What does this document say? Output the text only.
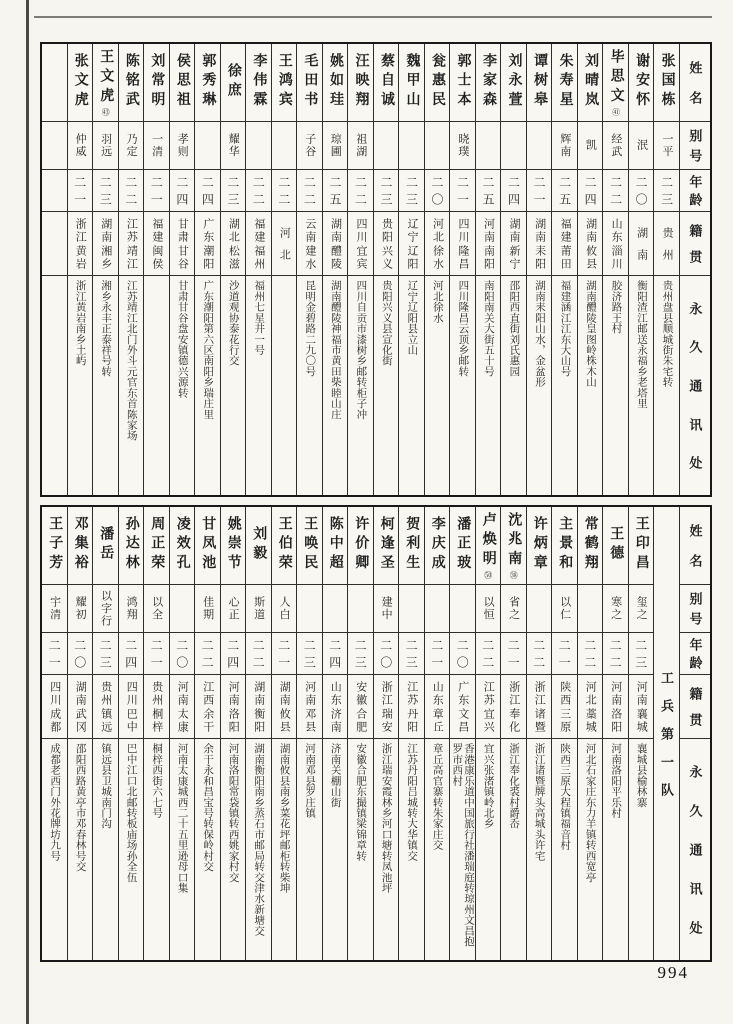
张文虎
仲威
二
一
浙
江
黄
岩
浙江黄岩南乡土屿
王文虎
㊸
羽远
二
三
湖
南
湘
乡
湘乡永丰正泰祥号转
陈铭武
乃定
二
二
江
苏
靖
江
江苏靖江北门外斗元官东首陈家场
刘常明
一清
二
一
福
建
闽
侯
侯思祖
孝则
二
四
甘
肃
甘
谷
甘肃甘谷盘安镇德兴源转
郭秀琳
二
四
广
东
潮
阳
广东潮阳第六区南阳乡瑞庄里
徐庶
耀华
二
三
湖
北
松
滋
沙道观协泰花行交
李伟霖
二
二
福
建
福
州
福州七星井一号
王鸿宾
二
二
河
北
毛田书
子谷
二
二
云
南
建
水
昆明金碧路二九〇号
姚如珪
琼圃
二
五
湖
南
醴
陵
湖南醴陵神福市黄田柴睦山庄
汪映翔
祖湖
二
二
四
川
宜
宾
四川自贡市漆树乡邮转柜子冲
蔡自诚
二
三
贵
阳
兴
义
贵阳兴义县宣化街
魏甲山
二
三
辽
宁
辽
阳
辽宁辽阳县立山
瓮惠民
二
〇
河
北
徐
水
河北徐水
郭士本
晓璞
二
一
四
川
隆
昌
四川隆昌云顶乡邮转
李家森
二
五
河
南
南
阳
南阳南关大街五十号
刘永萱
二
四
湖
南
新
宁
邵阳西直街刘氏惠园
谭树皋
二
一
湖
南
耒
阳
湖南耒阳山水，金盆形
朱寿星
辉南
二
五
福
建
莆
田
福建涵江江东大山号
刘晴岚
凯
二
四
湖
南
攸
县
湖南醴陵皇图岭株木山
毕思文
㊶
经武
二
二
山
东
淄
川
胶济路王村
谢安怀
泯
二
〇
湖
南
衡阳渣江邮送永福乡老塔里
张国栋
一平
二
三
贵
州
贵州盘县顺城街朱宅转
姓
名
别
号
年
龄
籍
贯
永
久
通
讯
处
王子芳
宇清
二
一
四
川
成
都
成都老西门外花牌坊九号
邓集裕
耀初
二
〇
湖
南
武
冈
邵阳西路黄亭市邓春林号交
潘岳
以字行
二
三
贵
州
镇
远
镇远县卫城南门沟
孙达林
鸿翔
二
四
四
川
巴
中
巴中江口北邮转板庙场孙全伍
周正荣
以全
二
一
贵
州
桐
梓
桐梓西街六七号
凌效孔
二
〇
河
南
太
康
河南太康城西二十五里逊母口集
甘凤池
佳期
二
二
江
西
余
干
余干永和昌宝号转保岭村交
姚崇节
心正
二
四
河
南
洛
阳
河南洛阳常袋镇转西姚家村交
刘毅
斯道
二
二
湖
南
衡
阳
湖南衡阳南乡蒸石市邮局转交津水新塘交
王伯荣
人白
二
一
湖
南
攸
县
湖南攸县南乡菜花坪邮柜转柴坤
王唤民
二
三
河
南
邓
县
河南邓县罗庄镇
陈中超
二
四
山
东
济
南
济南关棚山街
许价卿
二
三
安
徽
合
肥
安徽合肥东撮镇梁锦章转
柯逢圣
建中
二
〇
浙
江
瑞
安
浙江瑞安霞林乡河口塘转凤池坪
贺利生
二
三
江
苏
丹
阳
江苏丹阳吕城转大华镇交
李庆成
二
一
山
东
章
丘
章丘高官寨转朱家庄交
潘正玻
二
〇
广
东
文
昌
香港康乐道中国旅行社潘瑞庭转琼州文昌抱罗市西村
卢焕明
㊿
以恒
二
二
江
苏
宜
兴
宜兴张渚镇岭北乡
沈兆南
㊳
省之
二
一
浙
江
奉
化
浙江奉化裘村爵岙
许炳章
二
二
浙
江
诸
暨
浙江诸暨牌头高城头许宅
主景和
以仁
二
一
陕
西
三
原
陕西三原大程镇福音村
常鹤翔
二
二
河
北
藁
城
河北石家庄东力羊镇转西宽亭
王德
寒之
二
二
河
南
洛
阳
河南洛阳平乐村
王印昌
玺之
二
三
河
南
襄
城
襄城县榆林寨
工
兵
第
一
队
姓
名
别
号
年
龄
籍
贯
永
久
通
讯
处
994
